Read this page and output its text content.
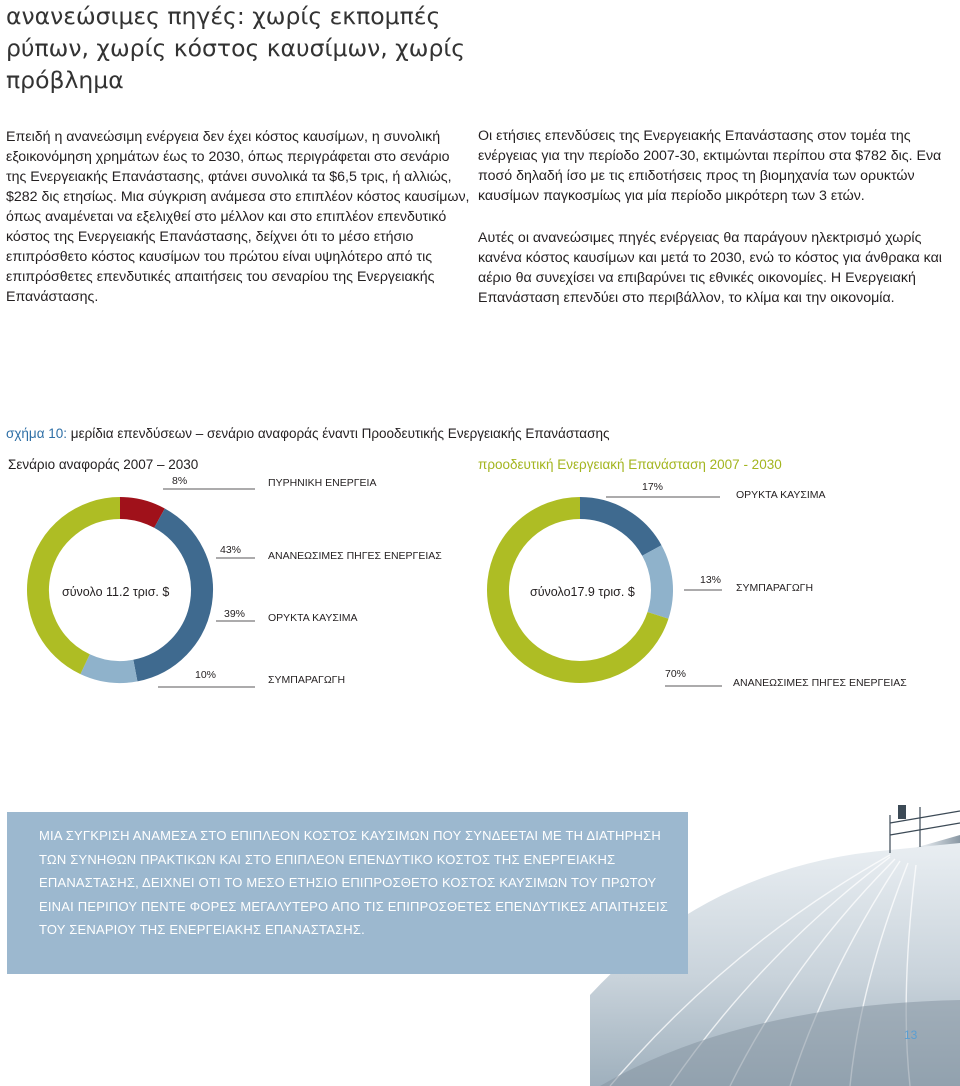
ανανεώσιμες πηγές: χωρίς εκπομπές ρύπων, χωρίς κόστος καυσίμων, χωρίς πρόβλημα
Επειδή η ανανεώσιμη ενέργεια δεν έχει κόστος καυσίμων, η συνολική εξοικονόμηση χρημάτων έως το 2030, όπως περιγράφεται στο σενάριο της Ενεργειακής Επανάστασης, φτάνει συνολικά τα $6,5 τρις, ή αλλιώς, $282 δις ετησίως. Μια σύγκριση ανάμεσα στο επιπλέον κόστος καυσίμων, όπως αναμένεται να εξελιχθεί στο μέλλον και στο επιπλέον επενδυτικό κόστος της Ενεργειακής Επανάστασης, δείχνει ότι το μέσο ετήσιο επιπρόσθετο κόστος καυσίμων του πρώτου είναι υψηλότερο από τις επιπρόσθετες επενδυτικές απαιτήσεις του σεναρίου της Ενεργειακής Επανάστασης.

Οι ετήσιες επενδύσεις της Ενεργειακής Επανάστασης στον τομέα της ενέργειας για την περίοδο 2007-30, εκτιμώνται περίπου στα $782 δις. Ενα ποσό δηλαδή ίσο με τις επιδοτήσεις προς τη βιομηχανία των ορυκτών καυσίμων παγκοσμίως για μία περίοδο μικρότερη των 3 ετών.

Αυτές οι ανανεώσιμες πηγές ενέργειας θα παράγουν ηλεκτρισμό χωρίς κανένα κόστος καυσίμων και μετά το 2030, ενώ το κόστος για άνθρακα και αέριο θα συνεχίσει να επιβαρύνει τις εθνικές οικονομίες. Η Ενεργειακή Επανάσταση επενδύει στο περιβάλλον, το κλίμα και την οικονομία.

σχήμα 10: μερίδια επενδύσεων – σενάριο αναφοράς έναντι Προοδευτικής Ενεργειακής Επανάστασης
Σενάριο αναφοράς 2007 – 2030	προοδευτική Ενεργειακή Επανάσταση 2007 - 2030
8%	ΠΥΡΗΝΙΚΗ ΕΝΕΡΓΕΙΑ
43%	ΑΝΑΝΕΩΣΙΜΕΣ ΠΗΓΕΣ ΕΝΕΡΓΕΙΑΣ
39% ΟΡΥΚΤΑ ΚΑΥΣΙΜΑ
10%	ΣΥΜΠΑΡΑΓΩΓΗ
σύνολο 11.2 τρισ. $
17%
ΟΡΥΚΤΑ ΚΑΥΣΙΜΑ
13%
ΣΥΜΠΑΡΑΓΩΓΗ
70%
ΑΝΑΝΕΩΣΙΜΕΣ ΠΗΓΕΣ ΕΝΕΡΓΕΙΑΣ
σύνολο17.9 τρισ. $
ΜΙΑ ΣΥΓΚΡΙΣΗ ΑΝΑΜΕΣΑ ΣΤΟ ΕΠΙΠΛΕΟΝ ΚΟΣΤΟΣ ΚΑΥΣΙΜΩΝ ΠΟΥ ΣΥΝΔΕΕΤΑΙ ΜΕ ΤΗ ΔΙΑΤΗΡΗΣΗ ΤΩΝ ΣΥΝΗΘΩΝ ΠΡΑΚΤΙΚΩΝ ΚΑΙ ΣΤΟ ΕΠΙΠΛΕΟΝ ΕΠΕΝΔΥΤΙΚΟ ΚΟΣΤΟΣ ΤΗΣ ΕΝΕΡΓΕΙΑΚΗΣ ΕΠΑΝΑΣΤΑΣΗΣ, ΔΕΙΧΝΕΙ ΟΤΙ ΤΟ ΜΕΣΟ ΕΤΗΣΙΟ ΕΠΙΠΡΟΣΘΕΤΟ ΚΟΣΤΟΣ ΚΑΥΣΙΜΩΝ ΤΟΥ ΠΡΩΤΟΥ ΕΙΝΑΙ ΠΕΡΙΠΟΥ ΠΕΝΤΕ ΦΟΡΕΣ ΜΕΓΑΛΥΤΕΡΟ ΑΠΟ ΤΙΣ ΕΠΙΠΡΟΣΘΕΤΕΣ ΕΠΕΝΔΥΤΙΚΕΣ ΑΠΑΙΤΗΣΕΙΣ ΤΟΥ ΣΕΝΑΡΙΟΥ ΤΗΣ ΕΝΕΡΓΕΙΑΚΗΣ ΕΠΑΝΑΣΤΑΣΗΣ.
13
